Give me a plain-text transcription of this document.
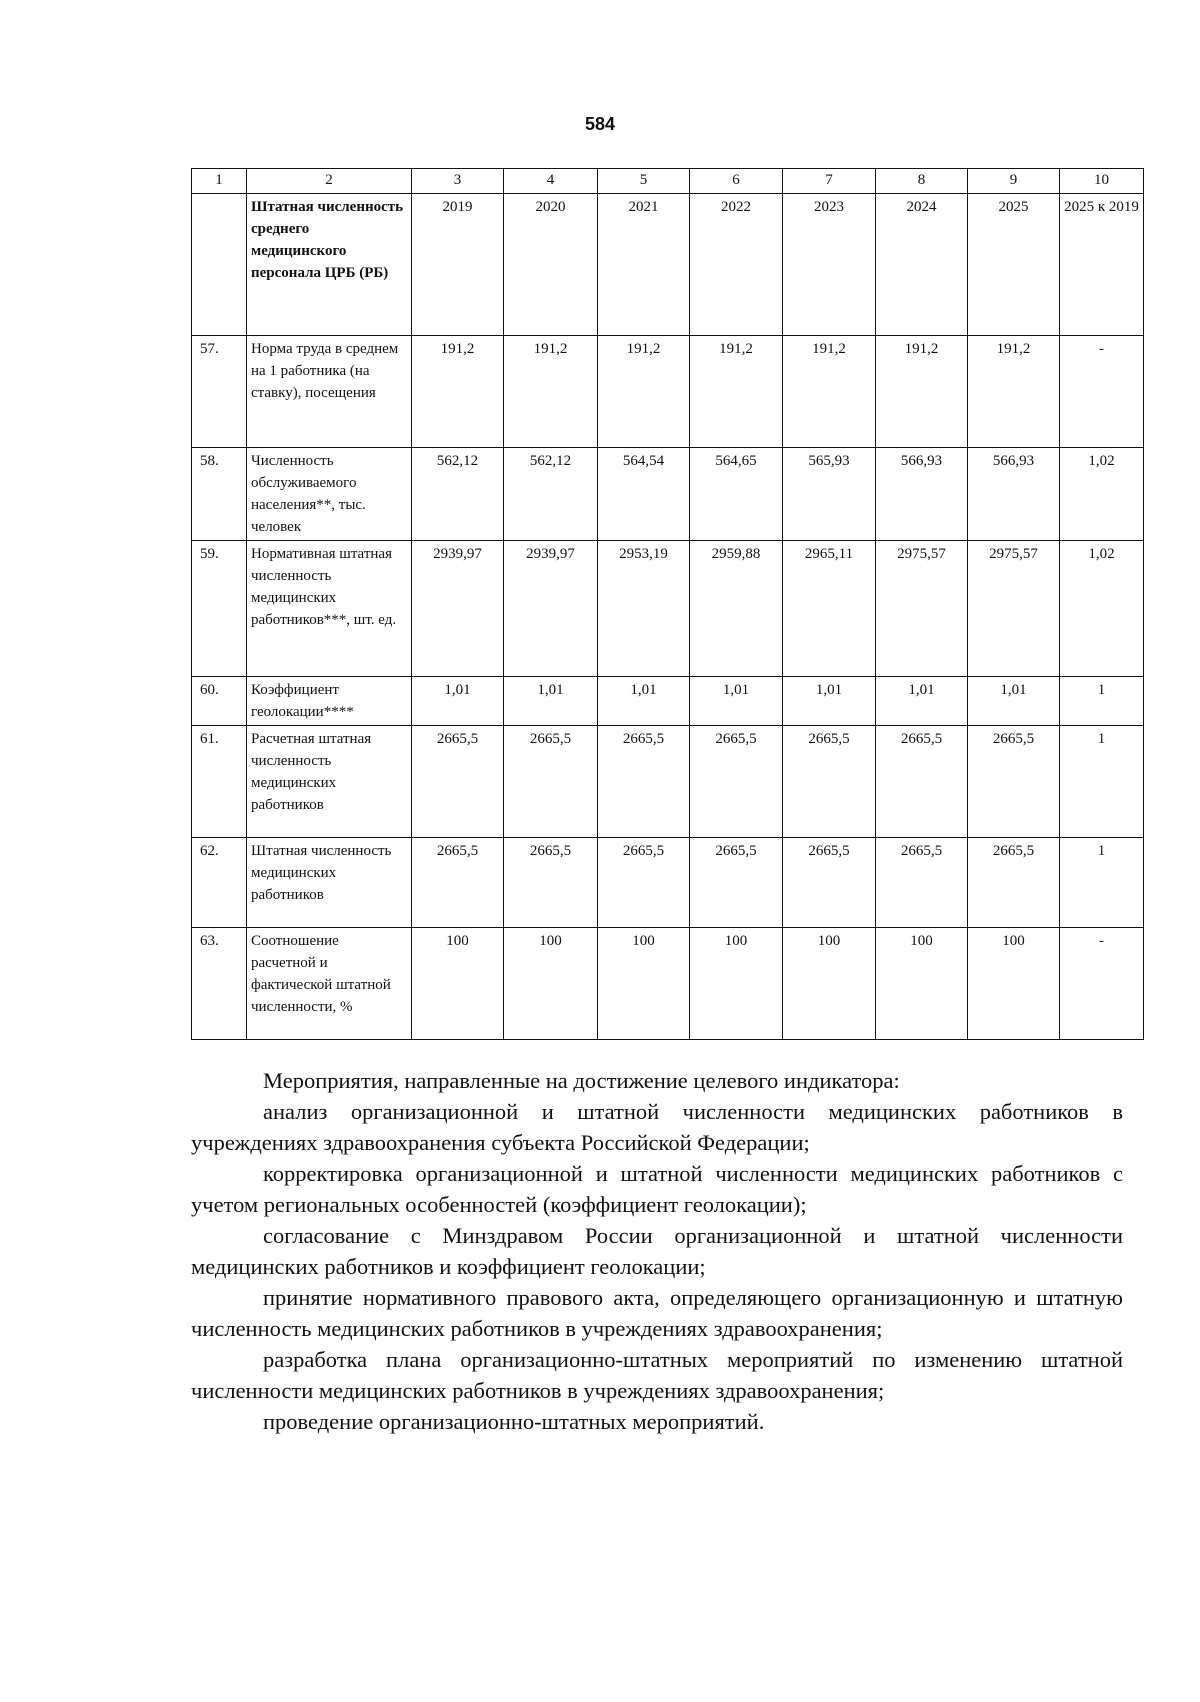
584
1	2	3	4	5	6	7	8	9	10
	Штатная численность среднего медицинского персонала ЦРБ (РБ)	2019	2020	2021	2022	2023	2024	2025	2025 к 2019
57.	Норма труда в среднем на 1 работника (на ставку), посещения	191,2	191,2	191,2	191,2	191,2	191,2	191,2	-
58.	Численность обслуживаемого населения**, тыс. человек	562,12	562,12	564,54	564,65	565,93	566,93	566,93	1,02
59.	Нормативная штатная численность медицинских работников***, шт. ед.	2939,97	2939,97	2953,19	2959,88	2965,11	2975,57	2975,57	1,02
60.	Коэффициент геолокации****	1,01	1,01	1,01	1,01	1,01	1,01	1,01	1
61.	Расчетная штатная численность медицинских работников	2665,5	2665,5	2665,5	2665,5	2665,5	2665,5	2665,5	1
62.	Штатная численность медицинских работников	2665,5	2665,5	2665,5	2665,5	2665,5	2665,5	2665,5	1
63.	Соотношение расчетной и фактической штатной численности, %	100	100	100	100	100	100	100	-

Мероприятия, направленные на достижение целевого индикатора:

анализ организационной и штатной численности медицинских работников в учреждениях здравоохранения субъекта Российской Федерации;

корректировка организационной и штатной численности медицинских работников с учетом региональных особенностей (коэффициент геолокации);

согласование с Минздравом России организационной и штатной численности медицинских работников и коэффициент геолокации;

принятие нормативного правового акта, определяющего организационную и штатную численность медицинских работников в учреждениях здравоохранения;

разработка плана организационно-штатных мероприятий по изменению штатной численности медицинских работников в учреждениях здравоохранения;

проведение организационно-штатных мероприятий.
